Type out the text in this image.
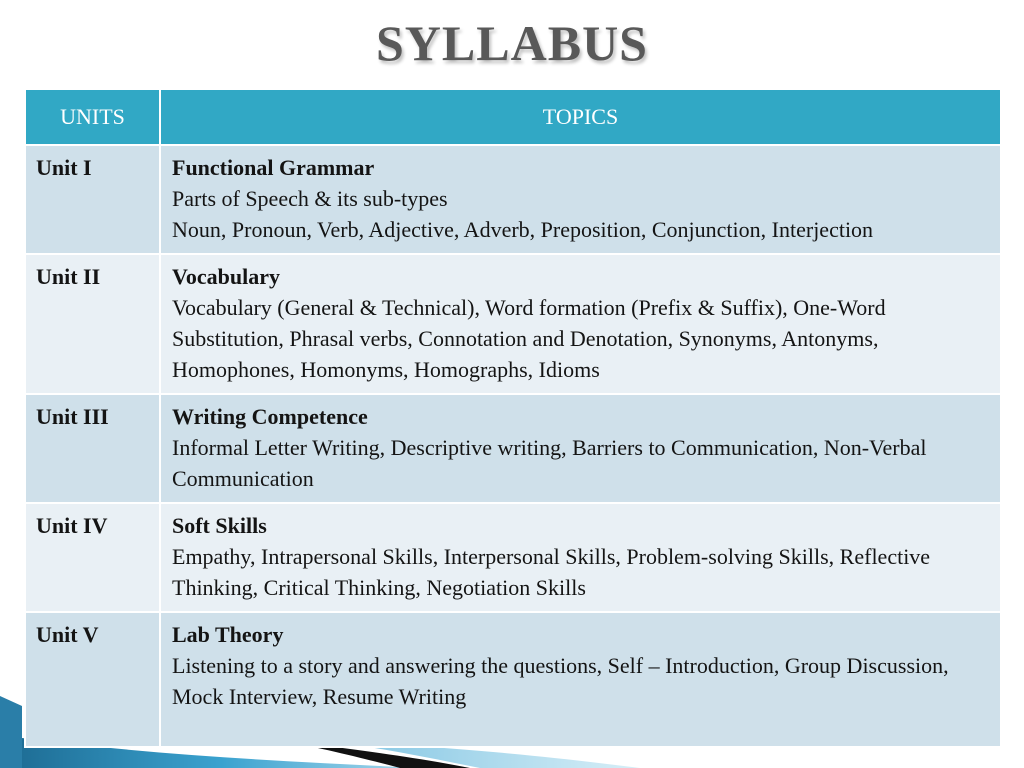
SYLLABUS
UNITS	TOPICS
Unit I	Functional Grammar
Parts of Speech & its sub-types
Noun, Pronoun, Verb, Adjective, Adverb, Preposition, Conjunction, Interjection

Unit II	Vocabulary
Vocabulary (General & Technical), Word formation (Prefix & Suffix), One-Word Substitution, Phrasal verbs, Connotation and Denotation, Synonyms, Antonyms, Homophones, Homonyms, Homographs, Idioms

Unit III	Writing Competence
Informal Letter Writing, Descriptive writing, Barriers to Communication, Non-Verbal Communication

Unit IV	Soft Skills
Empathy, Intrapersonal Skills, Interpersonal Skills, Problem-solving Skills, Reflective Thinking, Critical Thinking, Negotiation Skills

Unit V	Lab Theory
Listening to a story and answering the questions, Self – Introduction, Group Discussion, Mock Interview, Resume Writing
